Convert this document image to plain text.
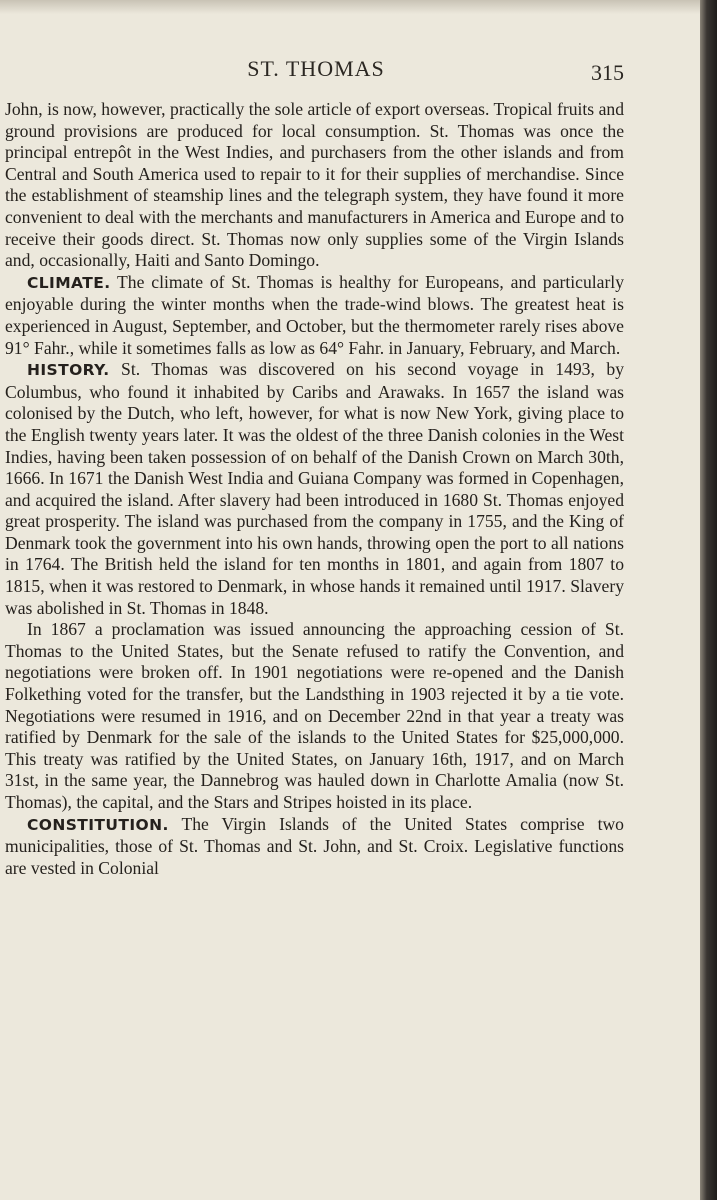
ST. THOMAS	315

John, is now, however, practically the sole article of export overseas. Tropical fruits and ground provisions are produced for local consumption. St. Thomas was once the principal entrepôt in the West Indies, and purchasers from the other islands and from Central and South America used to repair to it for their supplies of merchandise. Since the establishment of steamship lines and the telegraph system, they have found it more convenient to deal with the merchants and manufacturers in America and Europe and to receive their goods direct. St. Thomas now only supplies some of the Virgin Islands and, occasionally, Haiti and Santo Domingo.

CLIMATE. The climate of St. Thomas is healthy for Europeans, and particularly enjoyable during the winter months when the trade-wind blows. The greatest heat is experienced in August, September, and October, but the thermometer rarely rises above 91° Fahr., while it sometimes falls as low as 64° Fahr. in January, February, and March.

HISTORY. St. Thomas was discovered on his second voyage in 1493, by Columbus, who found it inhabited by Caribs and Arawaks. In 1657 the island was colonised by the Dutch, who left, however, for what is now New York, giving place to the English twenty years later. It was the oldest of the three Danish colonies in the West Indies, having been taken possession of on behalf of the Danish Crown on March 30th, 1666. In 1671 the Danish West India and Guiana Company was formed in Copenhagen, and acquired the island. After slavery had been introduced in 1680 St. Thomas enjoyed great prosperity. The island was purchased from the company in 1755, and the King of Denmark took the government into his own hands, throwing open the port to all nations in 1764. The British held the island for ten months in 1801, and again from 1807 to 1815, when it was restored to Denmark, in whose hands it remained until 1917. Slavery was abolished in St. Thomas in 1848.

In 1867 a proclamation was issued announcing the approaching cession of St. Thomas to the United States, but the Senate refused to ratify the Convention, and negotiations were broken off. In 1901 negotiations were re-opened and the Danish Folkething voted for the transfer, but the Landsthing in 1903 rejected it by a tie vote. Negotiations were resumed in 1916, and on December 22nd in that year a treaty was ratified by Denmark for the sale of the islands to the United States for $25,000,000. This treaty was ratified by the United States, on January 16th, 1917, and on March 31st, in the same year, the Dannebrog was hauled down in Charlotte Amalia (now St. Thomas), the capital, and the Stars and Stripes hoisted in its place.

CONSTITUTION. The Virgin Islands of the United States comprise two municipalities, those of St. Thomas and St. John, and St. Croix. Legislative functions are vested in Colonial
